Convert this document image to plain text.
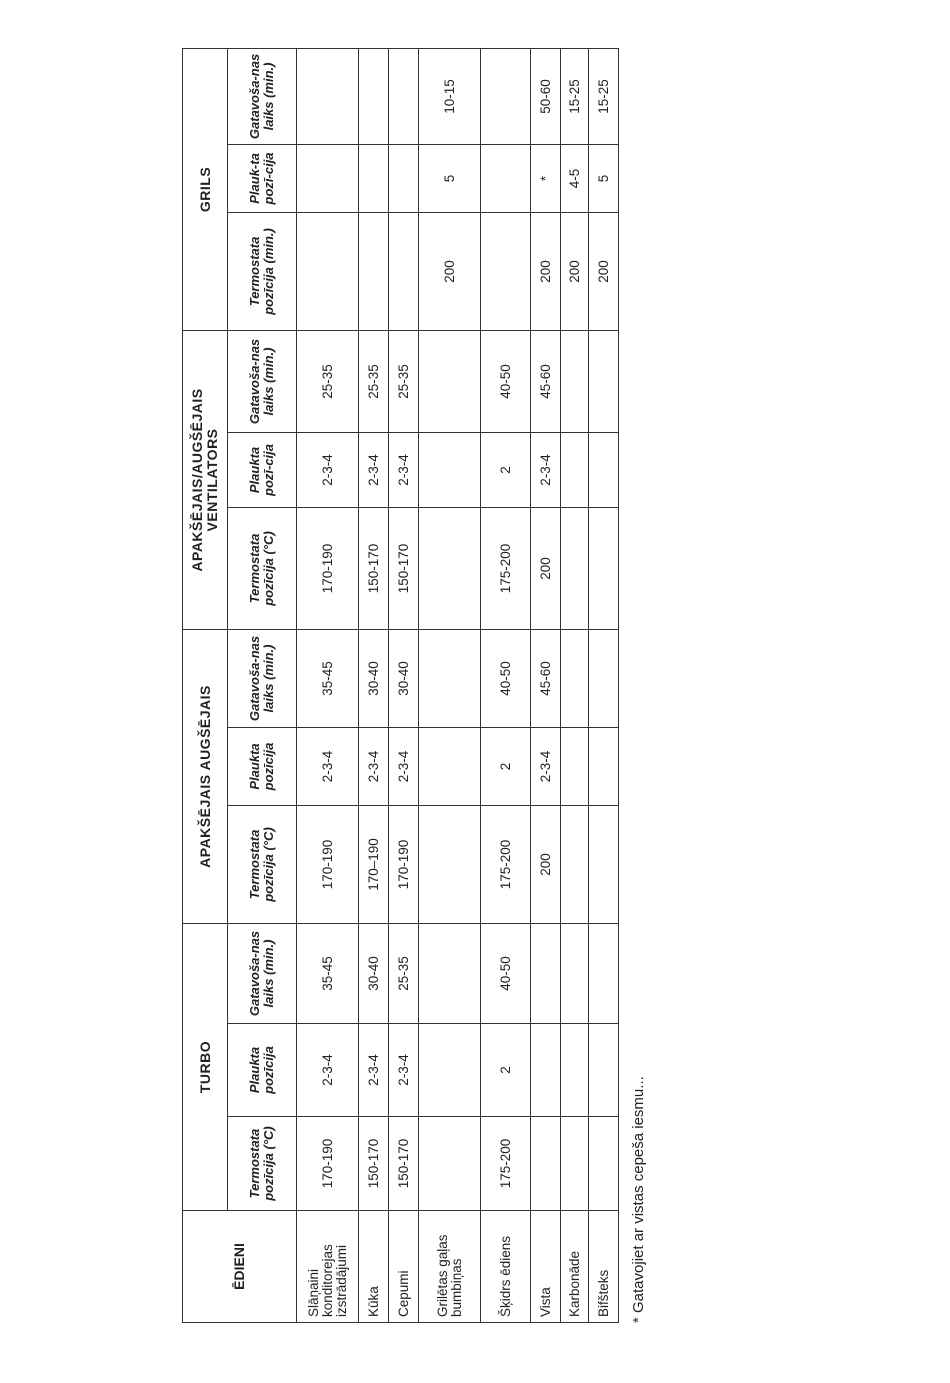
ĒDIENI	TURBO			APAKŠĒJAIS AUGŠĒJAIS			APAKŠĒJAIS/AUGŠĒJAIS VENTILATORS			GRILS		
	Termostata pozīcija (°C)	Plaukta pozīcija	Gatavoša-nas laiks (min.)	Termostata pozīcija (°C)	Plaukta pozīcija	Gatavoša-nas laiks (min.)	Termostata pozīcija (°C)	Plaukta pozī-cija	Gatavoša-nas laiks (min.)	Termostata pozīcija (min.)	Plauk-ta pozī-cija	Gatavoša-nas laiks (min.)
Slāņaini konditorejas izstrādājumi	170-190	2-3-4	35-45	170-190	2-3-4	35-45	170-190	2-3-4	25-35			
Kūka	150-170	2-3-4	30-40	170–190	2-3-4	30-40	150-170	2-3-4	25-35			
Cepumi	150-170	2-3-4	25-35	170-190	2-3-4	30-40	150-170	2-3-4	25-35			
Grilētas gaļas bumbiņas										200	5	10-15
Šķidrs ēdiens	175-200	2	40-50	175-200	2	40-50	175-200	2	40-50			
Vista				200	2-3-4	45-60	200	2-3-4	45-60	200	*	50-60
Karbonāde										200	4-5	15-25
Bifšteks										200	5	15-25
* Gatavojiet ar vistas cepeša iesmu...
